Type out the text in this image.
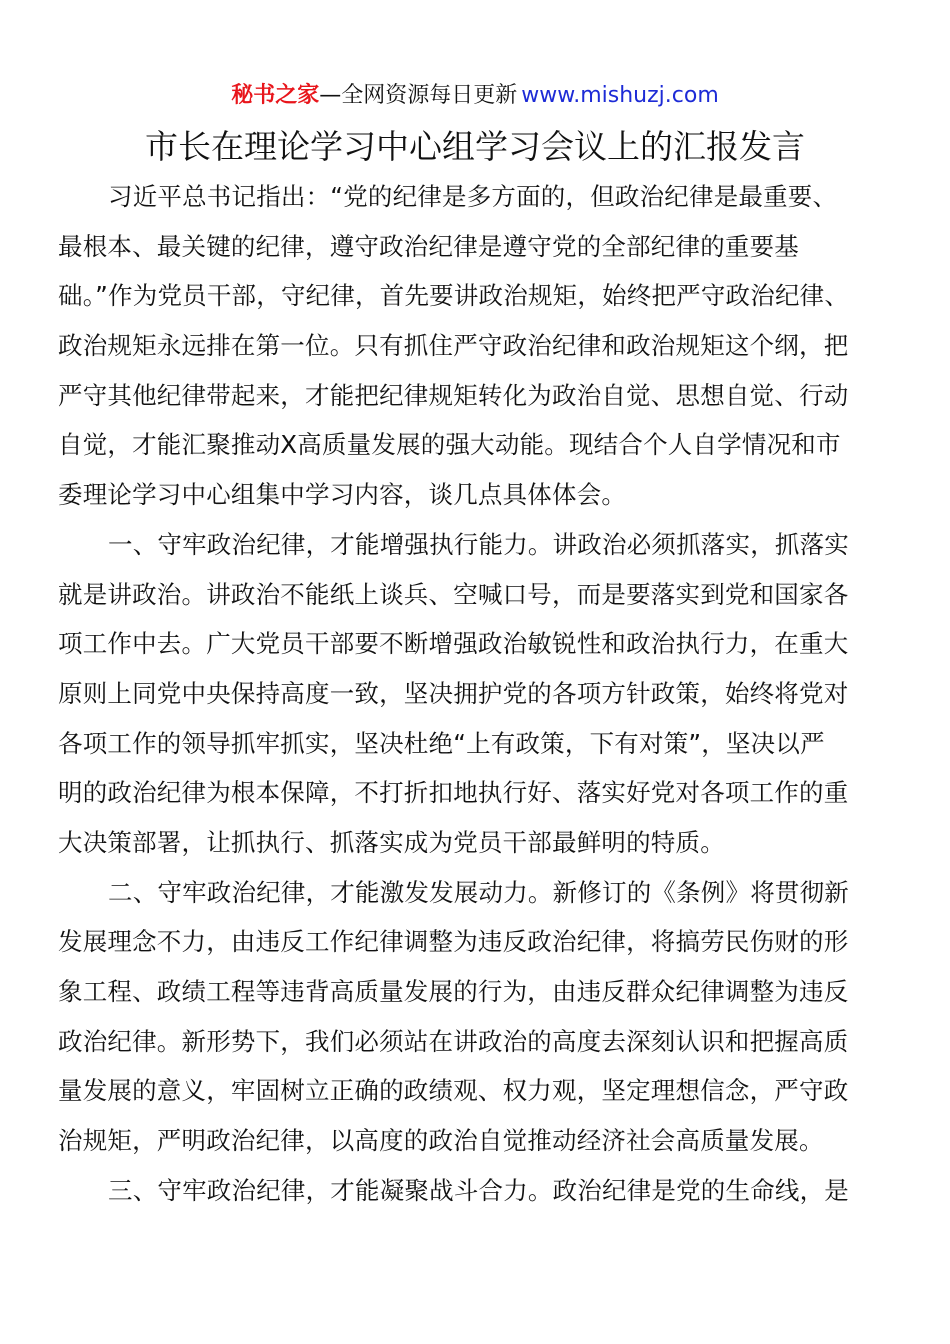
秘书之家—全网资源每日更新 www.mishuzj.com
市长在理论学习中心组学习会议上的汇报发言
习近平总书记指出：“党的纪律是多方面的，但政治纪律是最重要、
最根本、最关键的纪律，遵守政治纪律是遵守党的全部纪律的重要基
础。”作为党员干部，守纪律，首先要讲政治规矩，始终把严守政治纪律、
政治规矩永远排在第一位。只有抓住严守政治纪律和政治规矩这个纲，把
严守其他纪律带起来，才能把纪律规矩转化为政治自觉、思想自觉、行动
自觉，才能汇聚推动Ⅹ高质量发展的强大动能。现结合个人自学情况和市
委理论学习中心组集中学习内容，谈几点具体体会。
一、守牢政治纪律，才能增强执行能力。讲政治必须抓落实，抓落实
就是讲政治。讲政治不能纸上谈兵、空喊口号，而是要落实到党和国家各
项工作中去。广大党员干部要不断增强政治敏锐性和政治执行力，在重大
原则上同党中央保持高度一致，坚决拥护党的各项方针政策，始终将党对
各项工作的领导抓牢抓实，坚决杜绝“上有政策，下有对策”，坚决以严
明的政治纪律为根本保障，不打折扣地执行好、落实好党对各项工作的重
大决策部署，让抓执行、抓落实成为党员干部最鲜明的特质。
二、守牢政治纪律，才能激发发展动力。新修订的《条例》将贯彻新
发展理念不力，由违反工作纪律调整为违反政治纪律，将搞劳民伤财的形
象工程、政绩工程等违背高质量发展的行为，由违反群众纪律调整为违反
政治纪律。新形势下，我们必须站在讲政治的高度去深刻认识和把握高质
量发展的意义，牢固树立正确的政绩观、权力观，坚定理想信念，严守政
治规矩，严明政治纪律，以高度的政治自觉推动经济社会高质量发展。
三、守牢政治纪律，才能凝聚战斗合力。政治纪律是党的生命线，是
